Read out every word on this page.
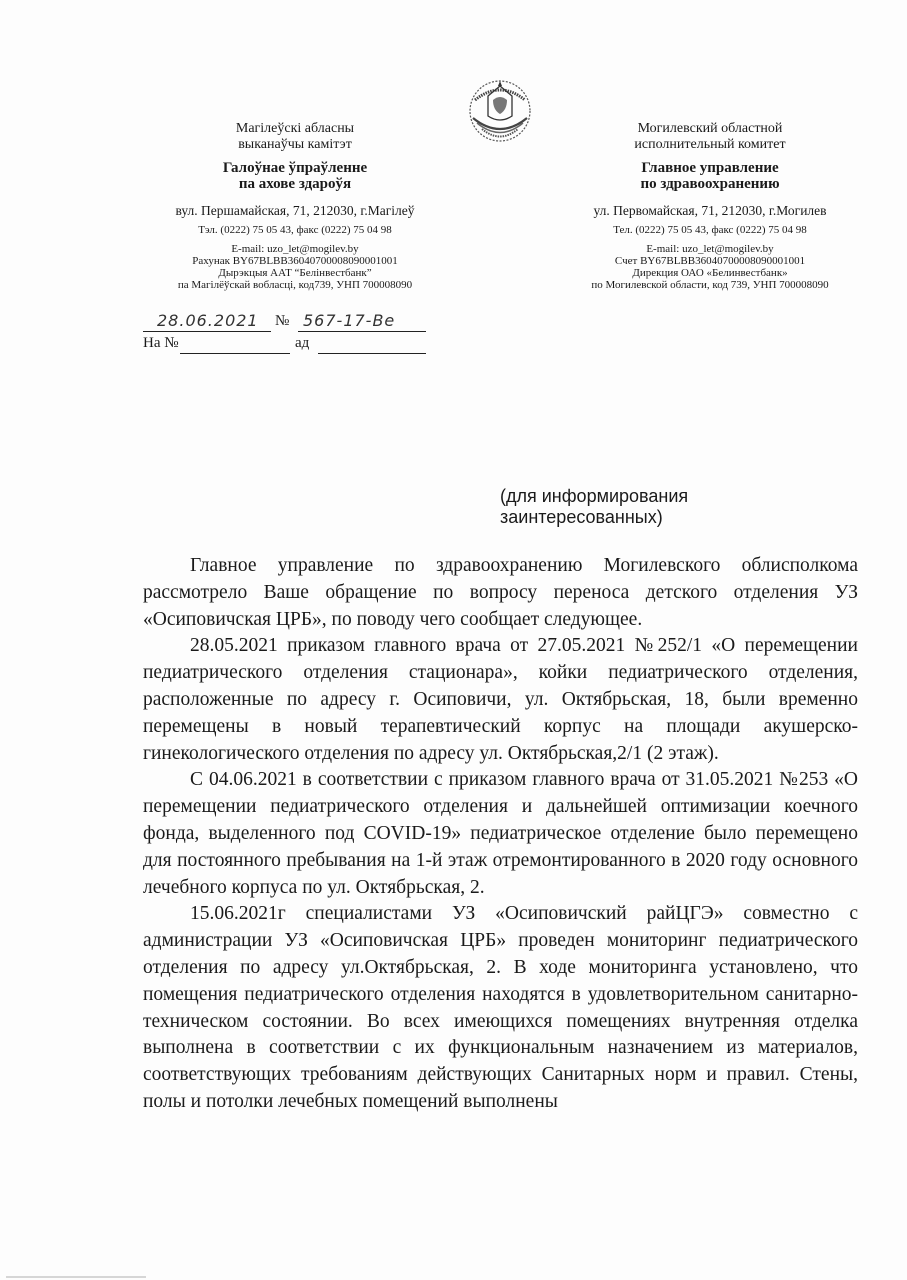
Магілеўскі абласны
выканаўчы камітэт
Галоўнае ўпраўленне
па ахове здароўя
вул. Першамайская, 71, 212030, г.Магілеў
Тэл. (0222) 75 05 43, факс (0222) 75 04 98
E-mail: uzo_let@mogilev.by
Рахунак BY67BLBB36040700008090001001
Дырэкцыя ААТ “Белінвестбанк”
па Магілёўскай вобласці, код739, УНП 700008090
Могилевский областной
исполнительный комитет
Главное управление
по здравоохранению
ул. Первомайская, 71, 212030, г.Могилев
Тел. (0222) 75 05 43, факс (0222) 75 04 98
E-mail: uzo_let@mogilev.by
Счет BY67BLBB36040700008090001001
Дирекция ОАО «Белинвестбанк»
по Могилевской области, код 739, УНП 700008090
28.06.2021 № 567-17-Ве
На №	ад
(для информирования
заинтересованных)

Главное управление по здравоохранению Могилевского облисполкома рассмотрело Ваше обращение по вопросу переноса детского отделения УЗ «Осиповичская ЦРБ», по поводу чего сообщает следующее.

28.05.2021 приказом главного врача от 27.05.2021 №252/1 «О перемещении педиатрического отделения стационара», койки педиатрического отделения, расположенные по адресу г. Осиповичи, ул. Октябрьская, 18, были временно перемещены в новый терапевтический корпус на площади акушерско-гинекологического отделения по адресу ул. Октябрьская,2/1 (2 этаж).

С 04.06.2021 в соответствии с приказом главного врача от 31.05.2021 №253 «О перемещении педиатрического отделения и дальнейшей оптимизации коечного фонда, выделенного под COVID-19» педиатрическое отделение было перемещено для постоянного пребывания на 1-й этаж отремонтированного в 2020 году основного лечебного корпуса по ул. Октябрьская, 2.

15.06.2021г специалистами УЗ «Осиповичский райЦГЭ» совместно с администрации УЗ «Осиповичская ЦРБ» проведен мониторинг педиатрического отделения по адресу ул.Октябрьская, 2. В ходе мониторинга установлено, что помещения педиатрического отделения находятся в удовлетворительном санитарно-техническом состоянии. Во всех имеющихся помещениях внутренняя отделка выполнена в соответствии с их функциональным назначением из материалов, соответствующих требованиям действующих Санитарных норм и правил. Стены, полы и потолки лечебных помещений выполнены
